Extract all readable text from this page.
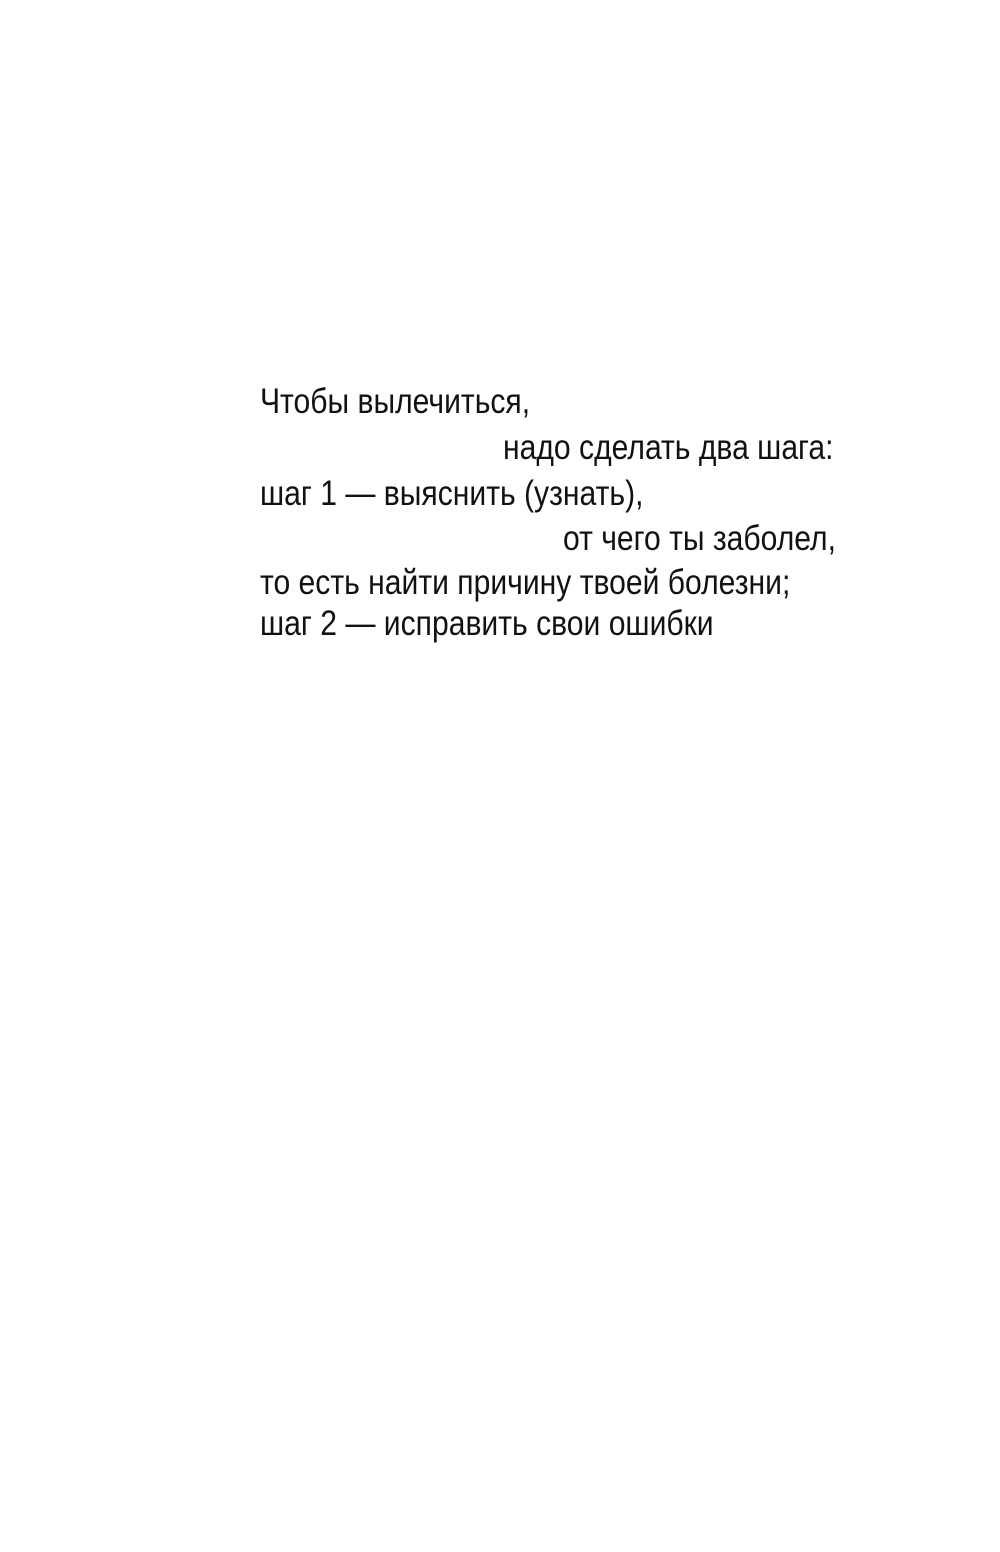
Чтобы вылечиться,
надо сделать два шага:
шаг 1 — выяснить (узнать),
от чего ты заболел,
то есть найти причину твоей болезни;
шаг 2 — исправить свои ошибки
